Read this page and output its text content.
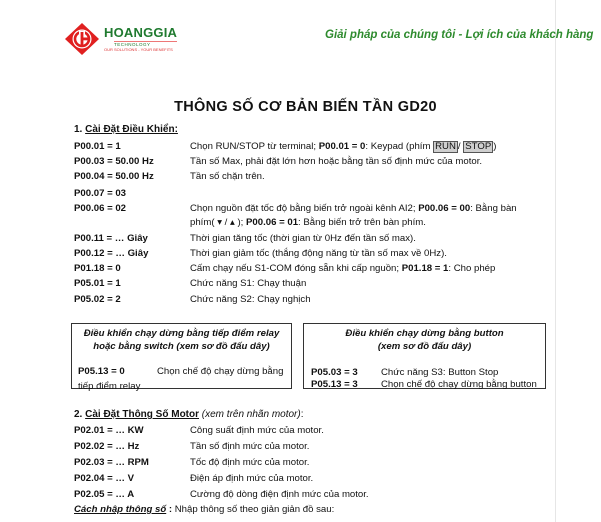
HOANGGIA
TECHNOLOGY
OUR SOLUTIONS - YOUR BENEFITS
Giải pháp của chúng tôi - Lợi ích của khách hàng
THÔNG SỐ CƠ BẢN BIẾN TẦN GD20
1. Cài Đặt Điều Khiển:
P00.01 = 1	Chọn RUN/STOP từ terminal; P00.01 = 0: Keypad (phím RUN / STOP )
P00.03 = 50.00 Hz	Tần số Max, phải đặt lớn hơn hoặc bằng tần số định mức của motor.
P00.04 = 50.00 Hz	Tần số chặn trên.
P00.07 = 03
P00.06 = 02	Chọn nguồn đặt tốc độ bằng biến trở ngoài kênh AI2; P00.06 = 00: Bằng bàn
phím( ▾ / ▴ ); P00.06 = 01: Bằng biến trở trên bàn phím.
P00.11 = … Giây	Thời gian tăng tốc (thời gian từ 0Hz đến tần số max).
P00.12 = … Giây	Thời gian giảm tốc (thắng động năng từ tần số max về 0Hz).
P01.18 = 0	Cấm chạy nếu S1-COM đóng sẵn khi cấp nguồn; P01.18 = 1: Cho phép
P05.01 = 1	Chức năng S1: Chạy thuận
P05.02 = 2	Chức năng S2: Chạy nghịch
Điều khiển chạy dừng bằng tiếp điểm relay
hoặc bằng switch (xem sơ đồ đấu dây)
P05.13 = 0	Chọn chế độ chạy dừng bằng
tiếp điểm relay
Điều khiển chạy dừng bằng button
(xem sơ đồ đấu dây)
P05.03 = 3 Chức năng S3: Button Stop
P05.13 = 3 Chọn chế độ chạy dừng bằng button
2. Cài Đặt Thông Số Motor (xem trên nhãn motor):
P02.01 = … KW	Công suất định mức của motor.
P02.02 = … Hz	Tần số định mức của motor.
P02.03 = … RPM	Tốc độ định mức của motor.
P02.04 = … V	Điện áp định mức của motor.
P02.05 = … A	Cường độ dòng điện định mức của motor.
Cách nhập thông số : Nhập thông số theo giản giản đồ sau:
